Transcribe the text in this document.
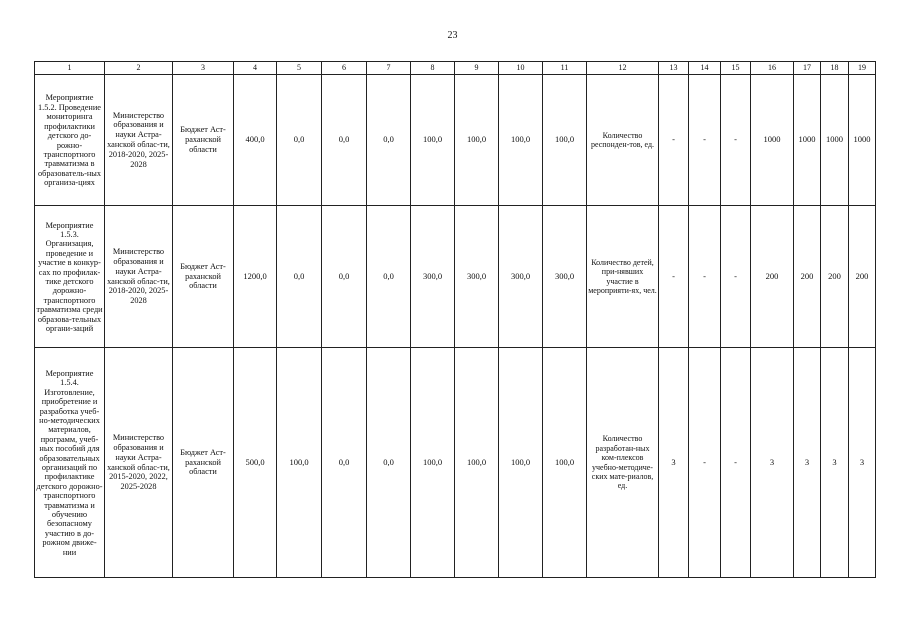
23
1	2	3	4	5	6	7	8	9	10	11	12	13	14	15	16	17	18	19
Мероприятие 1.5.2. Проведение мониторинга профилактики детского до-рожно-транспортного травматизма в образователь-ных организа-циях	Министерство образования и науки Астра-ханской облас-ти, 2018-2020, 2025-2028	Бюджет Аст-раханской области	400,0	0,0	0,0	0,0	100,0	100,0	100,0	100,0	Количество респонден-тов, ед.	-	-	-	1000	1000	1000	1000
Мероприятие 1.5.3. Организация, проведение и участие в конкур-сах по профилак-тике детского дорожно-транспортного травматизма среди образова-тельных органи-заций	Министерство образования и науки Астра-ханской облас-ти, 2018-2020, 2025-2028	Бюджет Аст-раханской области	1200,0	0,0	0,0	0,0	300,0	300,0	300,0	300,0	Количество детей, при-нявших участие в мероприяти-ях, чел.	-	-	-	200	200	200	200
Мероприятие 1.5.4. Изготовление, приобретение и разработка учеб-но-методических материалов, программ, учеб-ных пособий для образовательных организаций по профилактике детского дорожно-транспортного травматизма и обучению безопасному участию в до-рожном движе-нии	Министерство образования и науки Астра-ханской облас-ти, 2015-2020, 2022, 2025-2028	Бюджет Аст-раханской области	500,0	100,0	0,0	0,0	100,0	100,0	100,0	100,0	Количество разработан-ных ком-плексов учебно-методиче-ских мате-риалов, ед.	3	-	-	3	3	3	3
